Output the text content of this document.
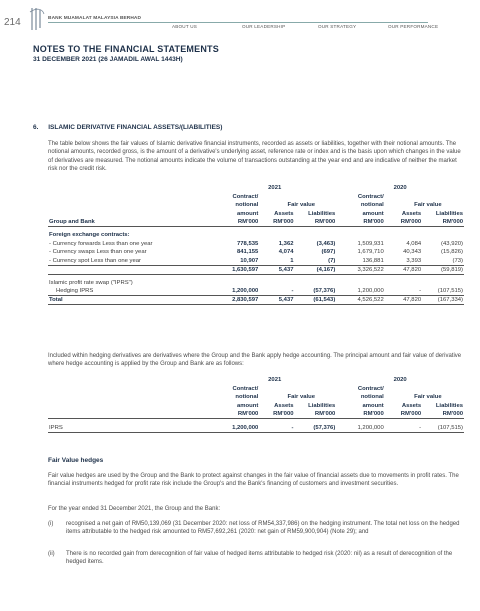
214	BANK MUAMALAT MALAYSIA BERHAD
ABOUT US	OUR LEADERSHIP	OUR STRATEGY	OUR PERFORMANCE
NOTES TO THE FINANCIAL STATEMENTS
31 DECEMBER 2021 (26 JAMADIL AWAL 1443H)
6. ISLAMIC DERIVATIVE FINANCIAL ASSETS/(LIABILITIES)
The table below shows the fair values of Islamic derivative financial instruments, recorded as assets or liabilities, together with their notional amounts. The notional amounts, recorded gross, is the amount of a derivative's underlying asset, reference rate or index and is the basis upon which changes in the value of derivatives are measured. The notional amounts indicate the volume of transactions outstanding at the year end and are indicative of neither the market risk nor the credit risk.
	2021			2020		
	Contract/			Contract/		
	notional	Fair value		notional	Fair value	
	amount	Assets	Liabilities	amount	Assets	Liabilities
Group and Bank	RM'000	RM'000	RM'000	RM'000	RM'000	RM'000

Foreign exchange contracts:						
- Currency forwards Less than one year	778,535	1,362	(3,463)	1,509,931	4,084	(43,920)
- Currency swaps Less than one year	841,155	4,074	(697)	1,679,710	40,343	(15,826)
- Currency spot Less than one year	10,907	1	(7)	136,881	3,393	(73)
	1,630,597	5,437	(4,167)	3,326,522	47,820	(59,819)

Islamic profit rate swap ("IPRS")						
Hedging IPRS	1,200,000	-	(57,376)	1,200,000	-	(107,515)
Total	2,830,597	5,437	(61,543)	4,526,522	47,820	(167,334)
Included within hedging derivatives are derivatives where the Group and the Bank apply hedge accounting. The principal amount and fair value of derivative where hedge accounting is applied by the Group and Bank are as follows:
	2021			2020		
	Contract/			Contract/		
	notional	Fair value		notional	Fair value	
	amount	Assets	Liabilities	amount	Assets	Liabilities
	RM'000	RM'000	RM'000	RM'000	RM'000	RM'000

IPRS	1,200,000	-	(57,376)	1,200,000	-	(107,515)
Fair Value hedges
Fair value hedges are used by the Group and the Bank to protect against changes in the fair value of financial assets due to movements in profit rates. The financial instruments hedged for profit rate risk include the Group's and the Bank's financing of customers and investment securities.
For the year ended 31 December 2021, the Group and the Bank:
(i) recognised a net gain of RM50,139,069 (31 December 2020: net loss of RM54,337,986) on the hedging instrument. The total net loss on the hedged items attributable to the hedged risk amounted to RM57,692,261 (2020: net gain of RM59,900,904) (Note 29); and
(ii) There is no recorded gain from derecognition of fair value of hedged items attributable to hedged risk (2020: nil) as a result of derecognition of the hedged items.
